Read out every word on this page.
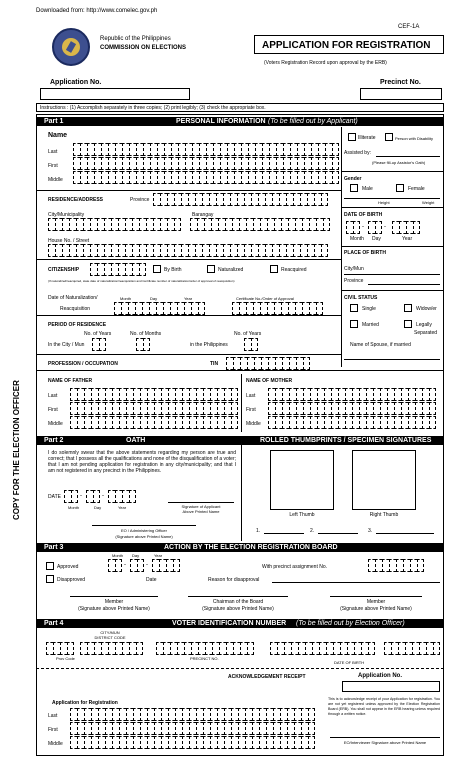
Downloaded from: http://www.comelec.gov.ph
CEF-1A
Republic of the Philippines
COMMISSION ON ELECTIONS	APPLICATION FOR REGISTRATION
(Voters Registration Record upon approval by the ERB)
Application No.	Precinct No.
Instructions : (1) Accomplish separately in three copies; (2) print legibly; (3) check the appropriate box.
COPY FOR THE ELECTION OFFICER
Part 1	PERSONAL INFORMATION (To be filled out by Applicant)
Name
Last
First
Middle
Illiterate	Person with Disability
Assisted by:
(Please fill-up Assistor's Oath)
Gender
Male	Female
Height	Weight
RESIDENCE/ADDRESS	Province
City/Municipality	Barangay
House No. / Street
DATE OF BIRTH
-	-
Month Day	Year
PLACE OF BIRTH
City/Mun
Province
CITIZENSHIP	By Birth	Naturalized	Reacquired
(If naturalized/reacquired, state date of naturalization/reacquisition and Certificate number of naturalization/order of approval of reacquisition)
Date of Naturalization/
Reacquisition
Month	Day	Year	Certificate No./Order of Approval	CIVIL STATUS
Single	Widow/er
Married	Legally
Separated
Name of Spouse, if married
PERIOD OF RESIDENCE
No. of Years	No. of Months	No. of Years
In the City / Mun	in the Philippines
PROFESSION / OCCUPATION	TIN
NAME OF FATHER	NAME OF MOTHER
Last
First
Middle
Last
First
Middle
Part 2	OATH	ROLLED THUMBPRINTS / SPECIMEN SIGNATURES
I do solemnly swear that the above statements regarding my person are true and correct; that I possess all the qualifications and none of the disqualification of a voter; that I am not pending application for registration in any city/municipality; and that I am not registered in any precinct in the Philippines.
DATE	-	-
Month	Day	Year	Signature of Applicant
Above Printed Name
EO / Administering Officer
(Signature above Printed Name)
Left Thumb	Right Thumb
1.	2.	3.
Part 3	ACTION BY THE ELECTION REGISTRATION BOARD
Month Day	Year
Approved	-	-	With precinct assignment No.
Disapproved	Date	Reason for disapproval
Member
(Signature above Printed Name)
Chairman of the Board
(Signature above Printed Name)
Member
(Signature above Printed Name)
Part 4	VOTER IDENTIFICATION NUMBER (To be filled out by Election Officer)
CITY/MUN
DISTRICT CODE
Prov Code	PRECINCT NO.
DATE OF BIRTH
ACKNOWLEDGEMENT RECEIPT	Application No.
Application for Registration
Last
First
Middle
This is to acknowledge receipt of your Application for registration. You are not yet registered unless approved by the Election Registration Board (ERB). You shall not appear in the ERB hearing unless required through a written notice.
EO/Interviewer Signature above Printed Name
